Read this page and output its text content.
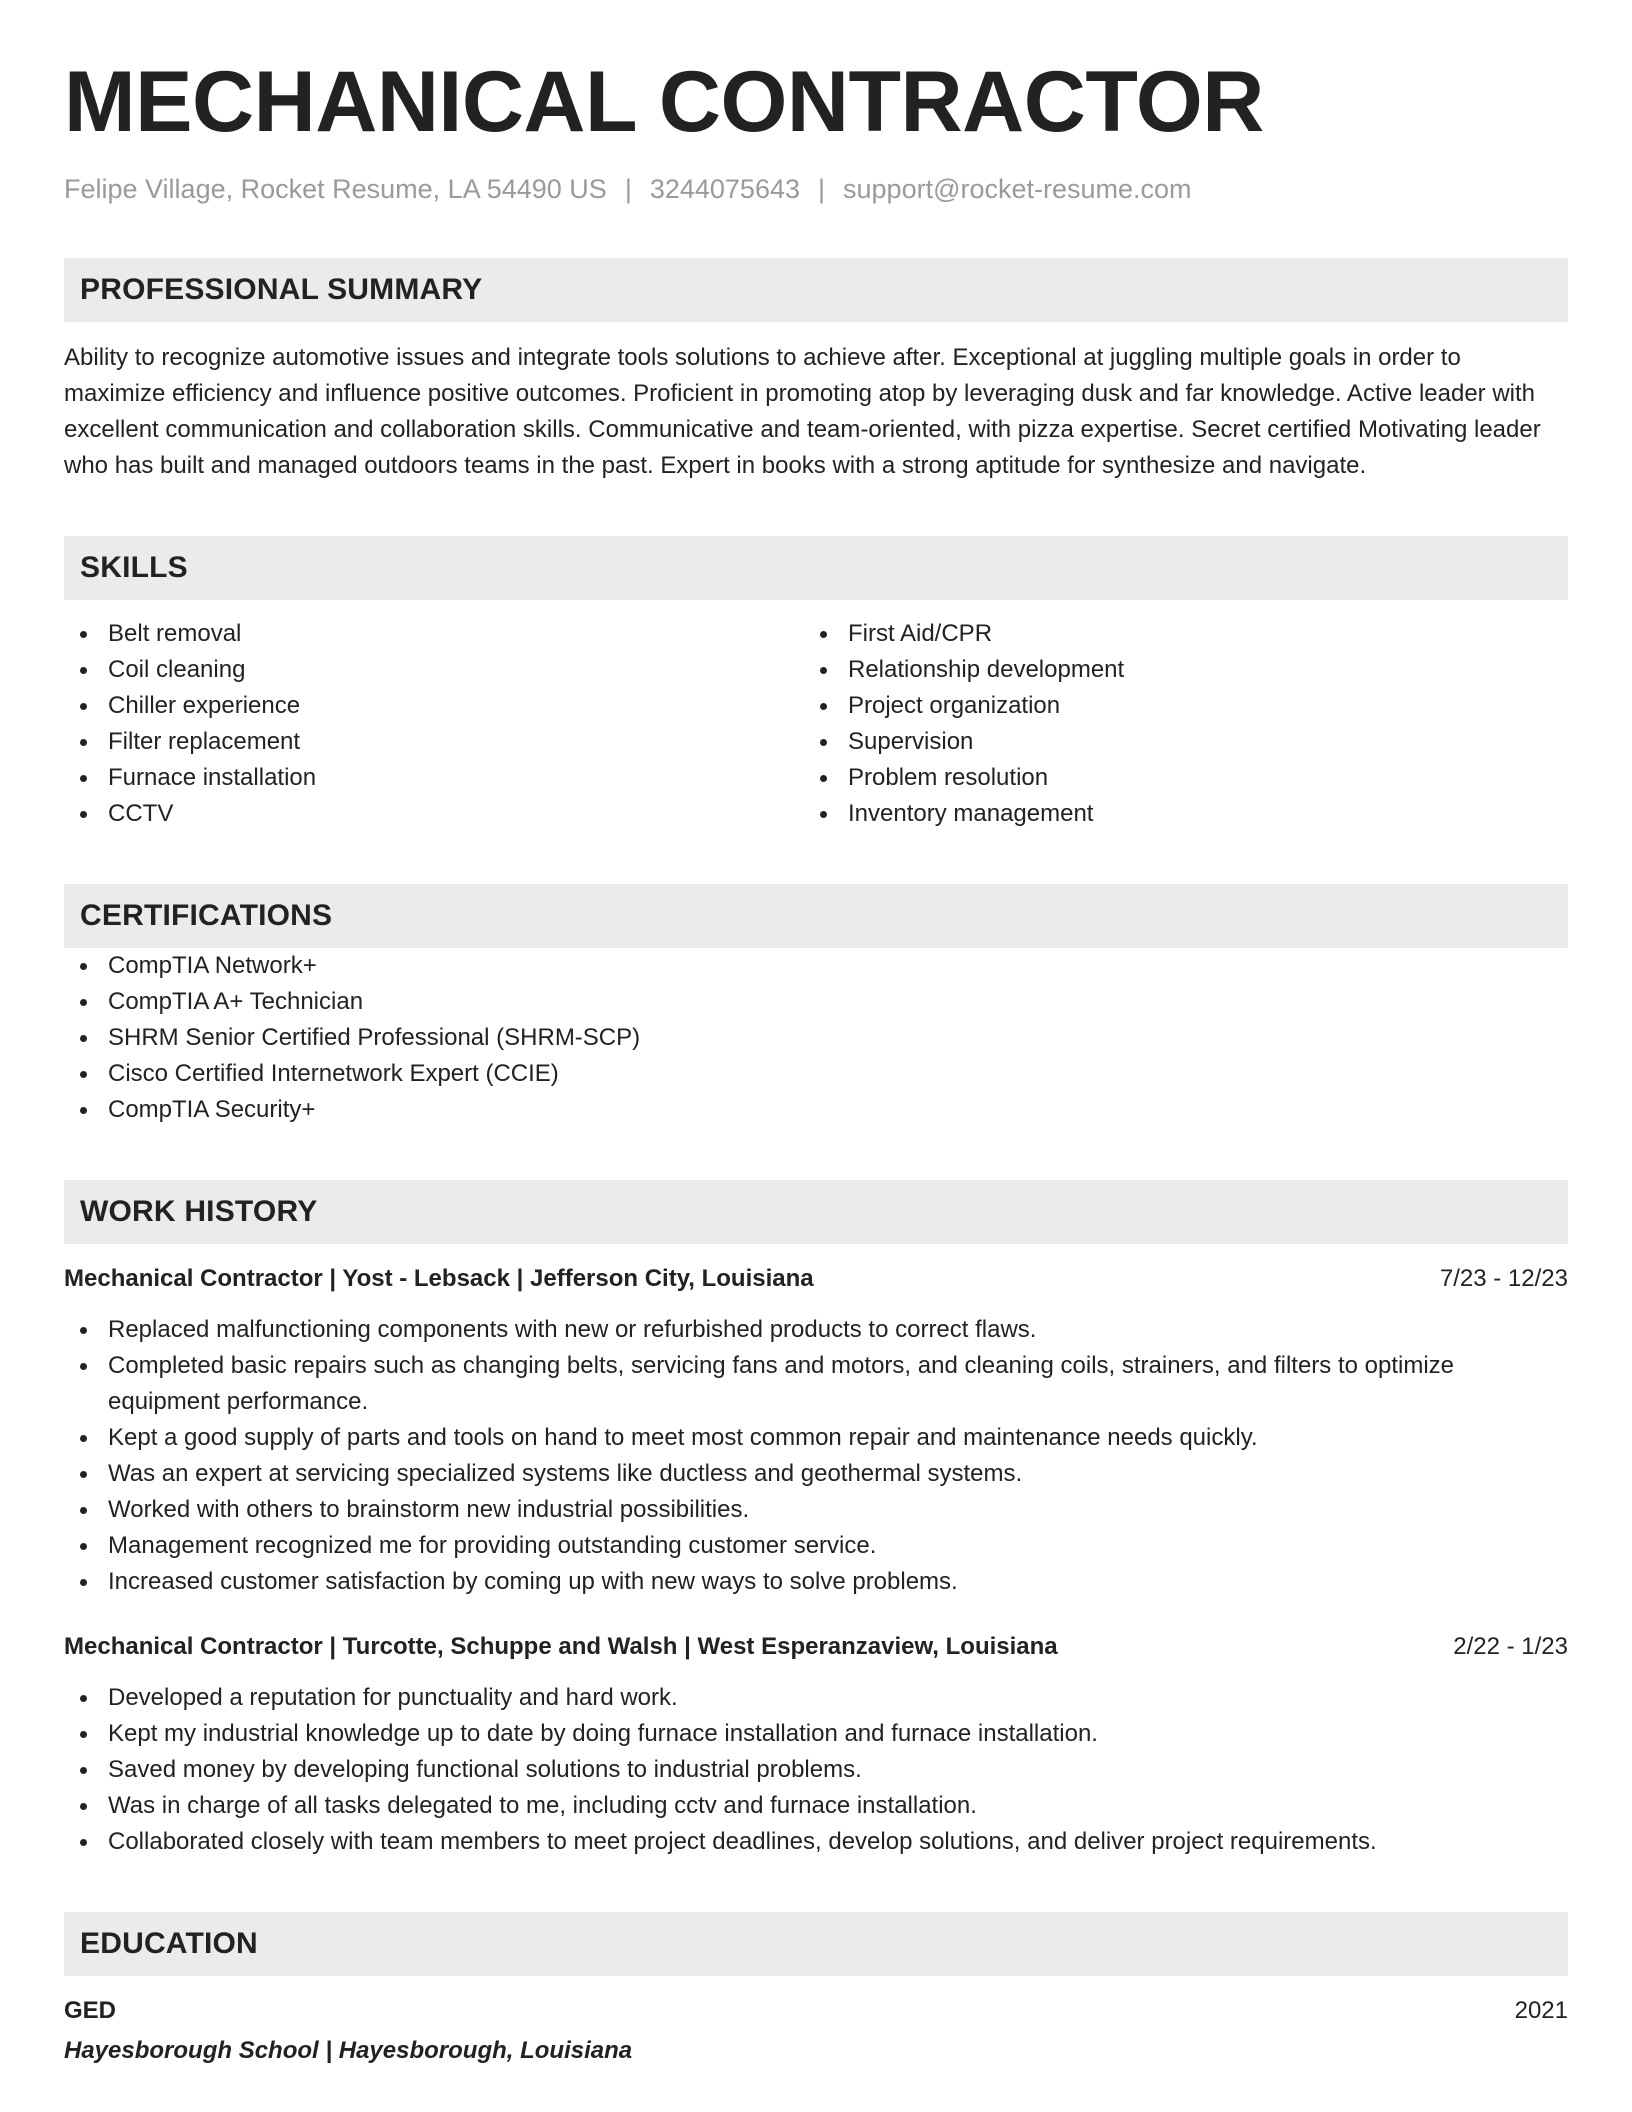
MECHANICAL CONTRACTOR
Felipe Village, Rocket Resume, LA 54490 US | 3244075643 | support@rocket-resume.com
PROFESSIONAL SUMMARY
Ability to recognize automotive issues and integrate tools solutions to achieve after. Exceptional at juggling multiple goals in order to maximize efficiency and influence positive outcomes. Proficient in promoting atop by leveraging dusk and far knowledge. Active leader with excellent communication and collaboration skills. Communicative and team-oriented, with pizza expertise. Secret certified Motivating leader who has built and managed outdoors teams in the past. Expert in books with a strong aptitude for synthesize and navigate.
SKILLS
Belt removal
Coil cleaning
Chiller experience
Filter replacement
Furnace installation
CCTV
First Aid/CPR
Relationship development
Project organization
Supervision
Problem resolution
Inventory management
CERTIFICATIONS
CompTIA Network+
CompTIA A+ Technician
SHRM Senior Certified Professional (SHRM-SCP)
Cisco Certified Internetwork Expert (CCIE)
CompTIA Security+
WORK HISTORY
Mechanical Contractor | Yost - Lebsack | Jefferson City, Louisiana	7/23 - 12/23
Replaced malfunctioning components with new or refurbished products to correct flaws.
Completed basic repairs such as changing belts, servicing fans and motors, and cleaning coils, strainers, and filters to optimize equipment performance.
Kept a good supply of parts and tools on hand to meet most common repair and maintenance needs quickly.
Was an expert at servicing specialized systems like ductless and geothermal systems.
Worked with others to brainstorm new industrial possibilities.
Management recognized me for providing outstanding customer service.
Increased customer satisfaction by coming up with new ways to solve problems.
Mechanical Contractor | Turcotte, Schuppe and Walsh | West Esperanzaview, Louisiana	2/22 - 1/23
Developed a reputation for punctuality and hard work.
Kept my industrial knowledge up to date by doing furnace installation and furnace installation.
Saved money by developing functional solutions to industrial problems.
Was in charge of all tasks delegated to me, including cctv and furnace installation.
Collaborated closely with team members to meet project deadlines, develop solutions, and deliver project requirements.
EDUCATION
GED	2021
Hayesborough School | Hayesborough, Louisiana
